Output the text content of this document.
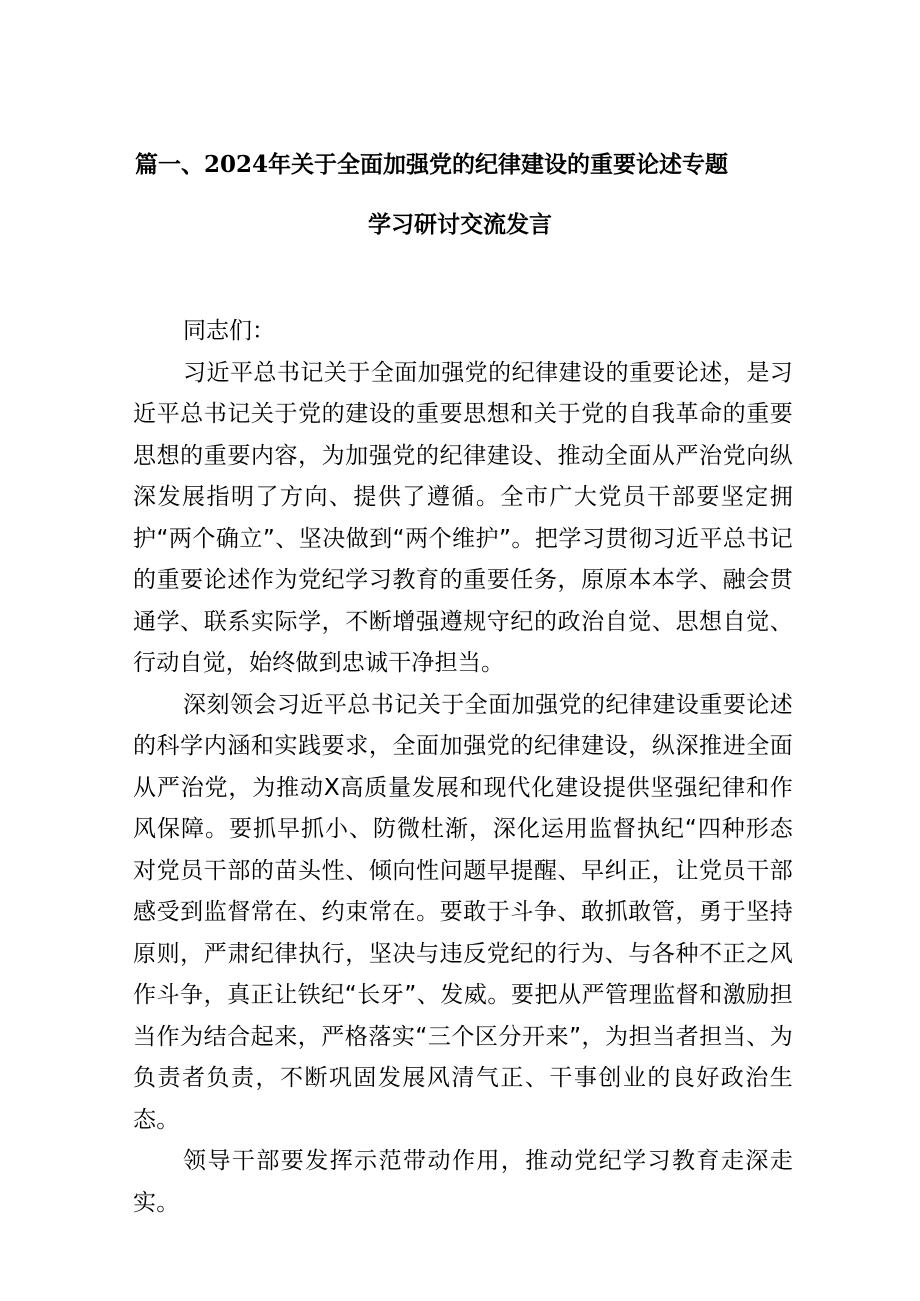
篇一、2024年关于全面加强党的纪律建设的重要论述专题
学习研讨交流发言

同志们：

习近平总书记关于全面加强党的纪律建设的重要论述，是习近平总书记关于党的建设的重要思想和关于党的自我革命的重要思想的重要内容，为加强党的纪律建设、推动全面从严治党向纵深发展指明了方向、提供了遵循。全市广大党员干部要坚定拥护“两个确立”、坚决做到“两个维护”。把学习贯彻习近平总书记的重要论述作为党纪学习教育的重要任务，原原本本学、融会贯通学、联系实际学，不断增强遵规守纪的政治自觉、思想自觉、行动自觉，始终做到忠诚干净担当。

深刻领会习近平总书记关于全面加强党的纪律建设重要论述的科学内涵和实践要求，全面加强党的纪律建设，纵深推进全面从严治党，为推动X高质量发展和现代化建设提供坚强纪律和作风保障。要抓早抓小、防微杜渐，深化运用监督执纪“四种形态对党员干部的苗头性、倾向性问题早提醒、早纠正，让党员干部感受到监督常在、约束常在。要敢于斗争、敢抓敢管，勇于坚持原则，严肃纪律执行，坚决与违反党纪的行为、与各种不正之风作斗争，真正让铁纪“长牙”、发威。要把从严管理监督和激励担当作为结合起来，严格落实“三个区分开来”，为担当者担当、为负责者负责，不断巩固发展风清气正、干事创业的良好政治生态。

领导干部要发挥示范带动作用，推动党纪学习教育走深走实。
